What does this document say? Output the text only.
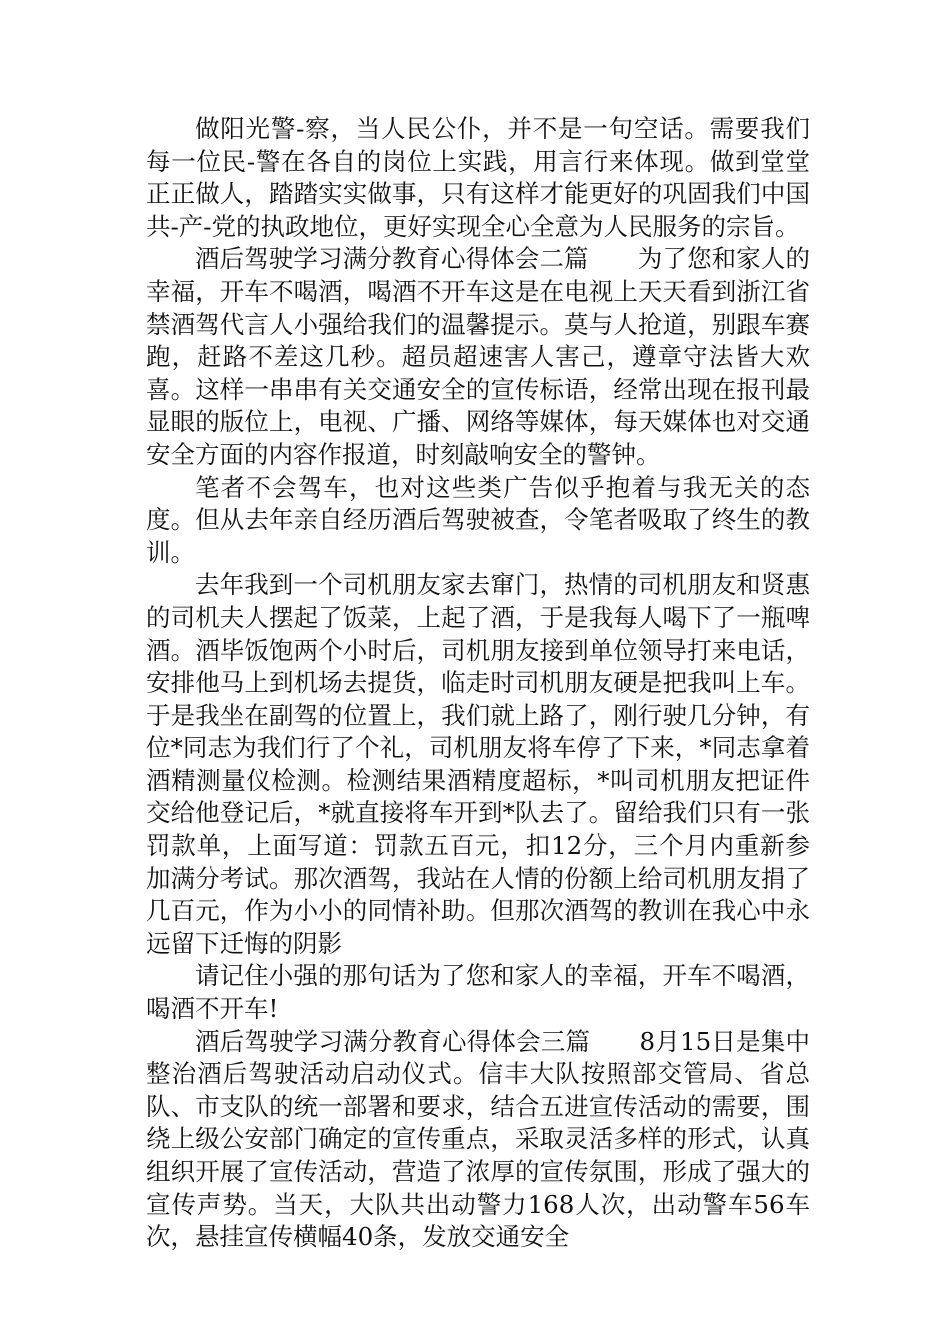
做阳光警-察，当人民公仆，并不是一句空话。需要我们每一位民-警在各自的岗位上实践，用言行来体现。做到堂堂正正做人，踏踏实实做事，只有这样才能更好的巩固我们中国共-产-党的执政地位，更好实现全心全意为人民服务的宗旨。

酒后驾驶学习满分教育心得体会二篇　　为了您和家人的幸福，开车不喝酒，喝酒不开车这是在电视上天天看到浙江省禁酒驾代言人小强给我们的温馨提示。莫与人抢道，别跟车赛跑，赶路不差这几秒。超员超速害人害己，遵章守法皆大欢喜。这样一串串有关交通安全的宣传标语，经常出现在报刊最显眼的版位上，电视、广播、网络等媒体，每天媒体也对交通安全方面的内容作报道，时刻敲响安全的警钟。

笔者不会驾车，也对这些类广告似乎抱着与我无关的态度。但从去年亲自经历酒后驾驶被查，令笔者吸取了终生的教训。

去年我到一个司机朋友家去窜门，热情的司机朋友和贤惠的司机夫人摆起了饭菜，上起了酒，于是我每人喝下了一瓶啤酒。酒毕饭饱两个小时后，司机朋友接到单位领导打来电话，安排他马上到机场去提货，临走时司机朋友硬是把我叫上车。于是我坐在副驾的位置上，我们就上路了，刚行驶几分钟，有位*同志为我们行了个礼，司机朋友将车停了下来，*同志拿着酒精测量仪检测。检测结果酒精度超标，*叫司机朋友把证件交给他登记后，*就直接将车开到*队去了。留给我们只有一张罚款单，上面写道：罚款五百元，扣12分，三个月内重新参加满分考试。那次酒驾，我站在人情的份额上给司机朋友捐了几百元，作为小小的同情补助。但那次酒驾的教训在我心中永远留下迁悔的阴影

请记住小强的那句话为了您和家人的幸福，开车不喝酒，喝酒不开车!

酒后驾驶学习满分教育心得体会三篇　　8月15日是集中整治酒后驾驶活动启动仪式。信丰大队按照部交管局、省总队、市支队的统一部署和要求，结合五进宣传活动的需要，围绕上级公安部门确定的宣传重点，采取灵活多样的形式，认真组织开展了宣传活动，营造了浓厚的宣传氛围，形成了强大的宣传声势。当天，大队共出动警力168人次，出动警车56车次，悬挂宣传横幅40条，发放交通安全
